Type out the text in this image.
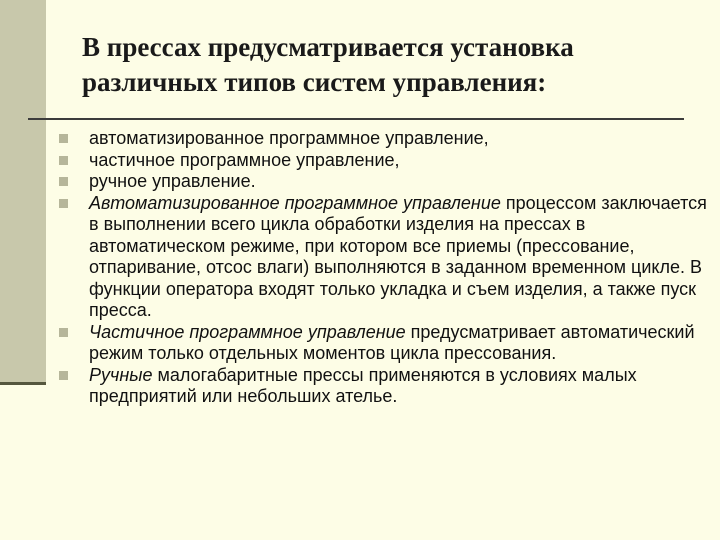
В прессах предусматривается установка
различных типов систем управления:
автоматизированное программное управление,
частичное программное управление,
ручное управление.
Автоматизированное программное управление процессом заключается в выполнении всего цикла обработки изделия на прессах в автоматическом режиме, при котором все приемы (прессование, отпаривание, отсос влаги) выполняются в заданном временном цикле. В функции оператора входят только укладка и съем изделия, а также пуск пресса.
Частичное программное управление предусматривает автоматический режим только отдельных моментов цикла прессования.
Ручные малогабаритные прессы применяются в условиях малых предприятий или небольших ателье.
